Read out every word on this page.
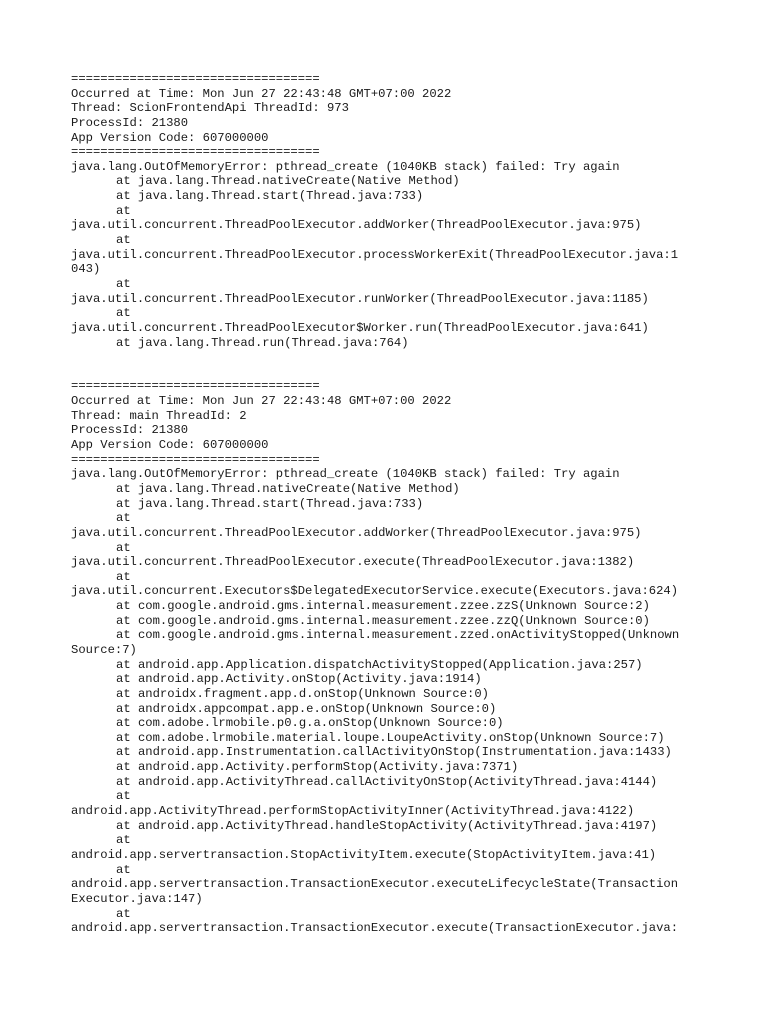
==================================
Occurred at Time: Mon Jun 27 22:43:48 GMT+07:00 2022
Thread: ScionFrontendApi ThreadId: 973
ProcessId: 21380
App Version Code: 607000000
==================================
java.lang.OutOfMemoryError: pthread_create (1040KB stack) failed: Try again
at java.lang.Thread.nativeCreate(Native Method)
at java.lang.Thread.start(Thread.java:733)
at
java.util.concurrent.ThreadPoolExecutor.addWorker(ThreadPoolExecutor.java:975)
at
java.util.concurrent.ThreadPoolExecutor.processWorkerExit(ThreadPoolExecutor.java:1
043)
at
java.util.concurrent.ThreadPoolExecutor.runWorker(ThreadPoolExecutor.java:1185)
at
java.util.concurrent.ThreadPoolExecutor$Worker.run(ThreadPoolExecutor.java:641)
at java.lang.Thread.run(Thread.java:764)
==================================
Occurred at Time: Mon Jun 27 22:43:48 GMT+07:00 2022
Thread: main ThreadId: 2
ProcessId: 21380
App Version Code: 607000000
==================================
java.lang.OutOfMemoryError: pthread_create (1040KB stack) failed: Try again
at java.lang.Thread.nativeCreate(Native Method)
at java.lang.Thread.start(Thread.java:733)
at
java.util.concurrent.ThreadPoolExecutor.addWorker(ThreadPoolExecutor.java:975)
at
java.util.concurrent.ThreadPoolExecutor.execute(ThreadPoolExecutor.java:1382)
at
java.util.concurrent.Executors$DelegatedExecutorService.execute(Executors.java:624)
at com.google.android.gms.internal.measurement.zzee.zzS(Unknown Source:2)
at com.google.android.gms.internal.measurement.zzee.zzQ(Unknown Source:0)
at com.google.android.gms.internal.measurement.zzed.onActivityStopped(Unknown
Source:7)
at android.app.Application.dispatchActivityStopped(Application.java:257)
at android.app.Activity.onStop(Activity.java:1914)
at androidx.fragment.app.d.onStop(Unknown Source:0)
at androidx.appcompat.app.e.onStop(Unknown Source:0)
at com.adobe.lrmobile.p0.g.a.onStop(Unknown Source:0)
at com.adobe.lrmobile.material.loupe.LoupeActivity.onStop(Unknown Source:7)
at android.app.Instrumentation.callActivityOnStop(Instrumentation.java:1433)
at android.app.Activity.performStop(Activity.java:7371)
at android.app.ActivityThread.callActivityOnStop(ActivityThread.java:4144)
at
android.app.ActivityThread.performStopActivityInner(ActivityThread.java:4122)
at android.app.ActivityThread.handleStopActivity(ActivityThread.java:4197)
at
android.app.servertransaction.StopActivityItem.execute(StopActivityItem.java:41)
at
android.app.servertransaction.TransactionExecutor.executeLifecycleState(Transaction
Executor.java:147)
at
android.app.servertransaction.TransactionExecutor.execute(TransactionExecutor.java:
